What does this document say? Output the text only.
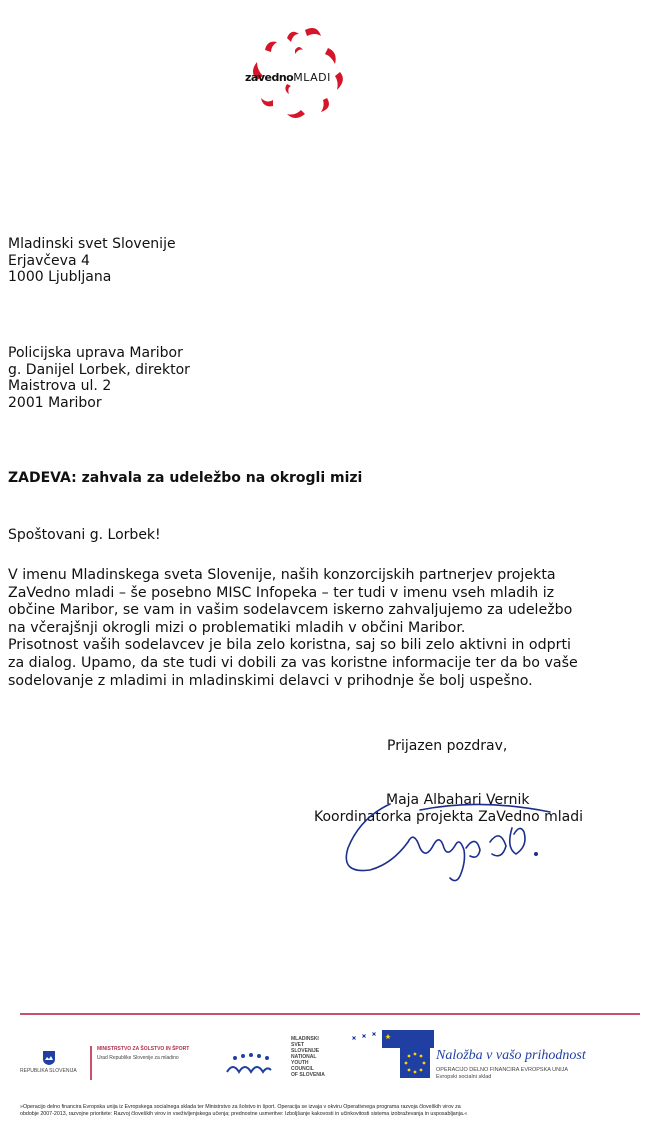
zavednoMLADI
Mladinski svet Slovenije
Erjavčeva 4
1000 Ljubljana
Policijska uprava Maribor
g. Danijel Lorbek, direktor
Maistrova ul. 2
2001 Maribor
ZADEVA: zahvala za udeležbo na okrogli mizi
Spoštovani g. Lorbek!
V imenu Mladinskega sveta Slovenije, naših konzorcijskih partnerjev projekta
ZaVedno mladi – še posebno MISC Infopeka – ter tudi v imenu vseh mladih iz
občine Maribor, se vam in vašim sodelavcem iskerno zahvaljujemo za udeležbo
na včerajšnji okrogli mizi o problematiki mladih v občini Maribor.
Prisotnost vaših sodelavcev je bila zelo koristna, saj so bili zelo aktivni in odprti
za dialog. Upamo, da ste tudi vi dobili za vas koristne informacije ter da bo vaše
sodelovanje z mladimi in mladinskimi delavci v prihodnje še bolj uspešno.
Prijazen pozdrav,
Maja Albahari Vernik
Koordinatorka projekta ZaVedno mladi
REPUBLIKA SLOVENIJA
MINISTRSTVO ZA ŠOLSTVO IN ŠPORT
Urad Republike Slovenije za mladino
MLADINSKI
SVET
SLOVENIJE
NATIONAL
YOUTH
COUNCIL
OF SLOVENIA
Naložba v vašo prihodnost
OPERACIJO DELNO FINANCIRA EVROPSKA UNIJA
Evropski socialni sklad
»Operacijo delno financira Evropska unija iz Evropskega socialnega sklada ter Ministrstvo za šolstvo in šport. Operacija se izvaja v okviru Operativnega programa razvoja človeških virov za
obdobje 2007-2013, razvojne prioritete: Razvoj človeških virov in vseživljenjskega učenja; prednostne usmeritve: Izboljšanje kakovosti in učinkovitosti sistema izobraževanja in usposabljanja.«
